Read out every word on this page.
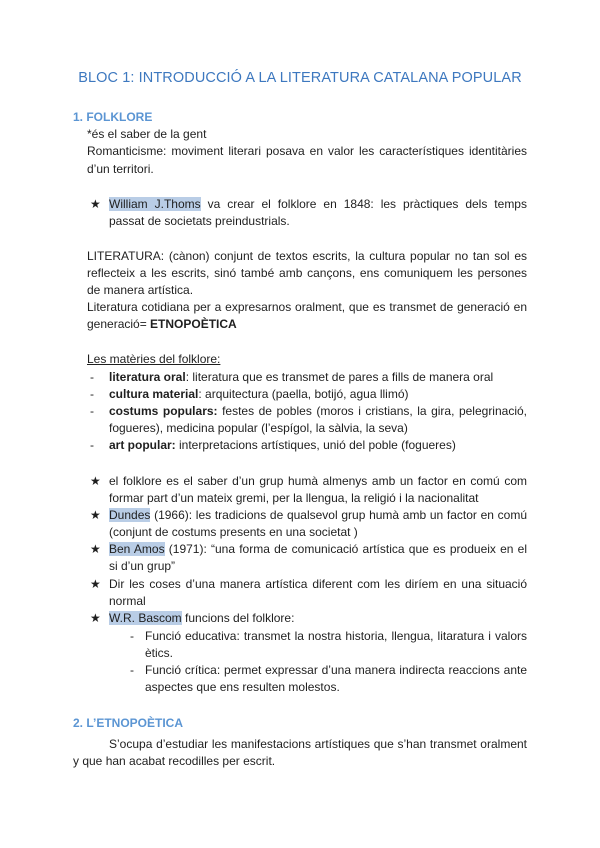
BLOC 1: INTRODUCCIÓ A LA LITERATURA CATALANA POPULAR
1. FOLKLORE
*és el saber de la gent
Romanticisme: moviment literari posava en valor les característiques identitàries
d’un territori.
★ William J.Thoms va crear el folklore en 1848: les pràctiques dels temps
passat de societats preindustrials.
LITERATURA: (cànon) conjunt de textos escrits, la cultura popular no tan sol es
reflecteix a les escrits, sinó també amb cançons, ens comuniquem les persones
de manera artística.
Literatura cotidiana per a expresarnos oralment, que es transmet de generació en
generació= ETNOPOÈTICA
Les matèries del folklore:
- literatura oral: literatura que es transmet de pares a fills de manera oral
- cultura material: arquitectura (paella, botijó, agua llimó)
- costums populars: festes de pobles (moros i cristians, la gira, pelegrinació,
fogueres), medicina popular (l’espígol, la sàlvia, la seva)
- art popular: interpretacions artístiques, unió del poble (fogueres)
★ el folklore es el saber d’un grup humà almenys amb un factor en comú com
formar part d’un mateix gremi, per la llengua, la religió i la nacionalitat
★ Dundes (1966): les tradicions de qualsevol grup humà amb un factor en comú
(conjunt de costums presents en una societat )
★ Ben Amos (1971): “una forma de comunicació artística que es produeix en el
si d’un grup”
★ Dir les coses d’una manera artística diferent com les diríem en una situació
normal
★ W.R. Bascom funcions del folklore:
- Funció educativa: transmet la nostra historia, llengua, litaratura i valors
ètics.
- Funció crítica: permet expressar d’una manera indirecta reaccions ante
aspectes que ens resulten molestos.
2. L’ETNOPOÈTICA
S’ocupa d’estudiar les manifestacions artístiques que s’han transmet oralment
y que han acabat recodilles per escrit.
